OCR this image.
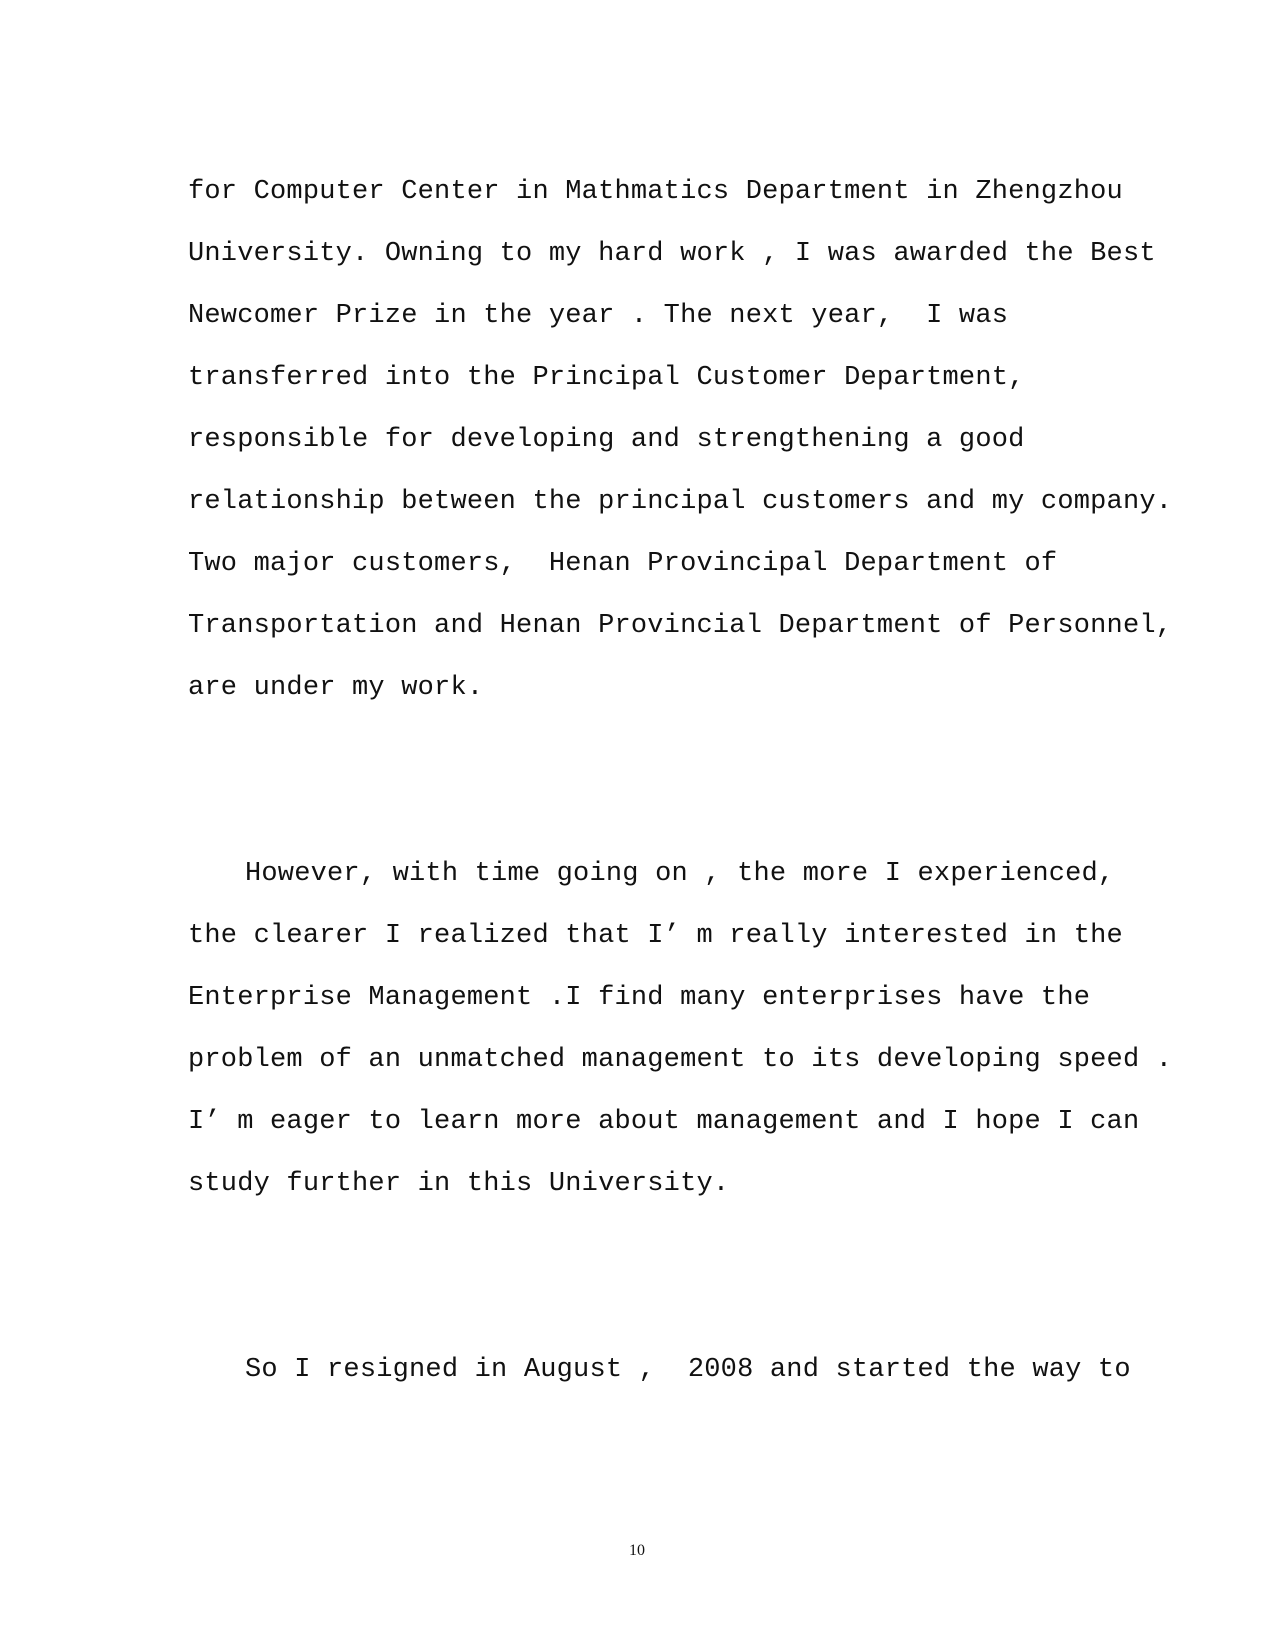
for Computer Center in Mathmatics Department in Zhengzhou
University. Owning to my hard work , I was awarded the Best
Newcomer Prize in the year . The next year,  I was
transferred into the Principal Customer Department,
responsible for developing and strengthening a good
relationship between the principal customers and my company.
Two major customers,  Henan Provincipal Department of
Transportation and Henan Provincial Department of Personnel,
are under my work.
However, with time going on , the more I experienced,
the clearer I realized that I’ m really interested in the
Enterprise Management .I find many enterprises have the
problem of an unmatched management to its developing speed .
I’ m eager to learn more about management and I hope I can
study further in this University.
So I resigned in August ,  2008 and started the way to
10
